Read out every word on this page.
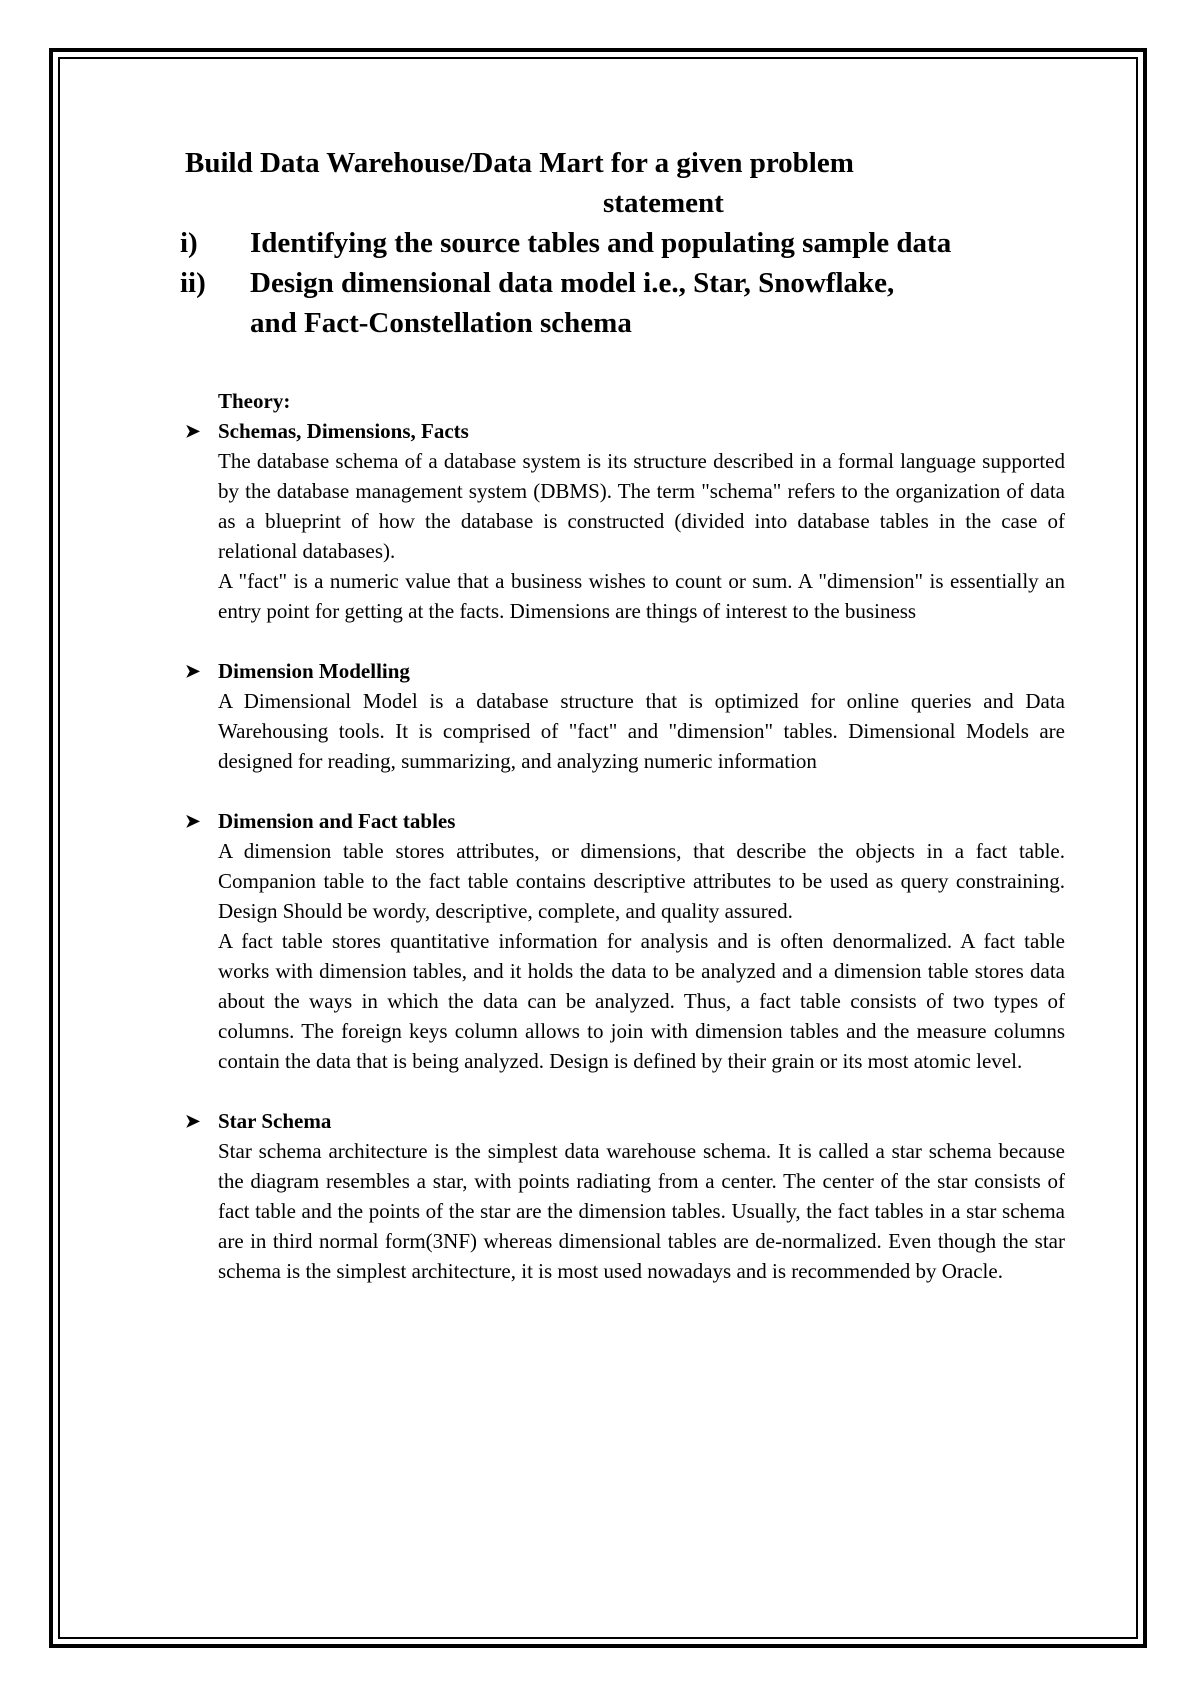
Build Data Warehouse/Data Mart for a given problem
statement
i)	Identifying the source tables and populating sample data
ii)	Design dimensional data model i.e., Star, Snowflake, and Fact-Constellation schema
Theory:
➤ Schemas, Dimensions, Facts

The database schema of a database system is its structure described in a formal language supported by the database management system (DBMS). The term "schema" refers to the organization of data as a blueprint of how the database is constructed (divided into database tables in the case of relational databases).

A "fact" is a numeric value that a business wishes to count or sum. A "dimension" is essentially an entry point for getting at the facts. Dimensions are things of interest to the business

➤ Dimension Modelling

A Dimensional Model is a database structure that is optimized for online queries and Data Warehousing tools. It is comprised of "fact" and "dimension" tables. Dimensional Models are designed for reading, summarizing, and analyzing numeric information

➤ Dimension and Fact tables

A dimension table stores attributes, or dimensions, that describe the objects in a fact table. Companion table to the fact table contains descriptive attributes to be used as query constraining. Design Should be wordy, descriptive, complete, and quality assured.

A fact table stores quantitative information for analysis and is often denormalized. A fact table works with dimension tables, and it holds the data to be analyzed and a dimension table stores data about the ways in which the data can be analyzed. Thus, a fact table consists of two types of columns. The foreign keys column allows to join with dimension tables and the measure columns contain the data that is being analyzed. Design is defined by their grain or its most atomic level.

➤ Star Schema

Star schema architecture is the simplest data warehouse schema. It is called a star schema because the diagram resembles a star, with points radiating from a center. The center of the star consists of fact table and the points of the star are the dimension tables. Usually, the fact tables in a star schema are in third normal form(3NF) whereas dimensional tables are de-normalized. Even though the star schema is the simplest architecture, it is most used nowadays and is recommended by Oracle.
